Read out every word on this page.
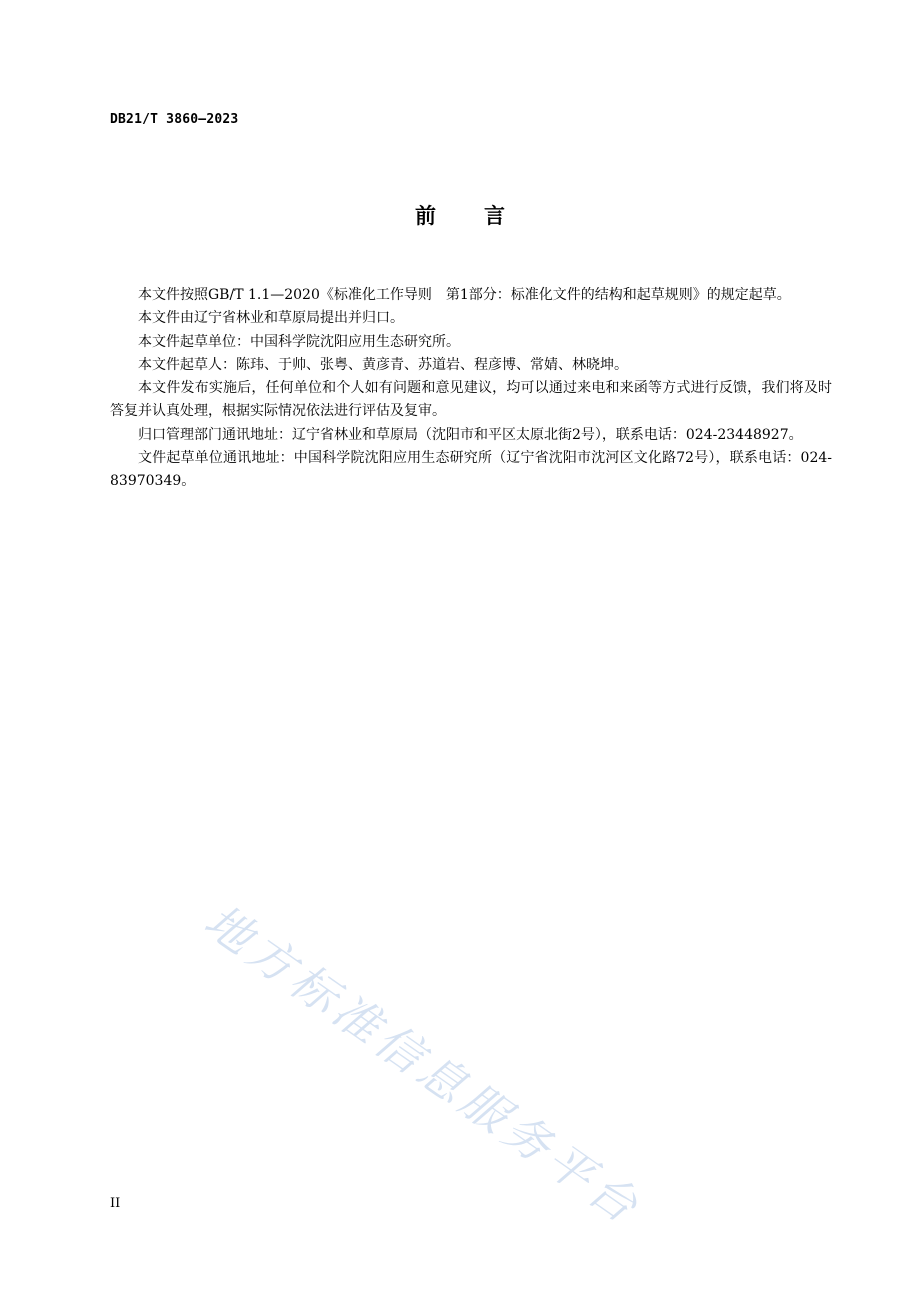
DB21/T 3860—2023
前 言

本文件按照GB/T 1.1—2020《标准化工作导则　第1部分：标准化文件的结构和起草规则》的规定起草。

本文件由辽宁省林业和草原局提出并归口。

本文件起草单位：中国科学院沈阳应用生态研究所。

本文件起草人：陈玮、于帅、张粤、黄彦青、苏道岩、程彦博、常婧、林晓坤。

本文件发布实施后，任何单位和个人如有问题和意见建议，均可以通过来电和来函等方式进行反馈，我们将及时答复并认真处理，根据实际情况依法进行评估及复审。

归口管理部门通讯地址：辽宁省林业和草原局（沈阳市和平区太原北街2号），联系电话：024-23448927。

文件起草单位通讯地址：中国科学院沈阳应用生态研究所（辽宁省沈阳市沈河区文化路72号），联系电话：024-83970349。

地方标准信息服务平台
II
